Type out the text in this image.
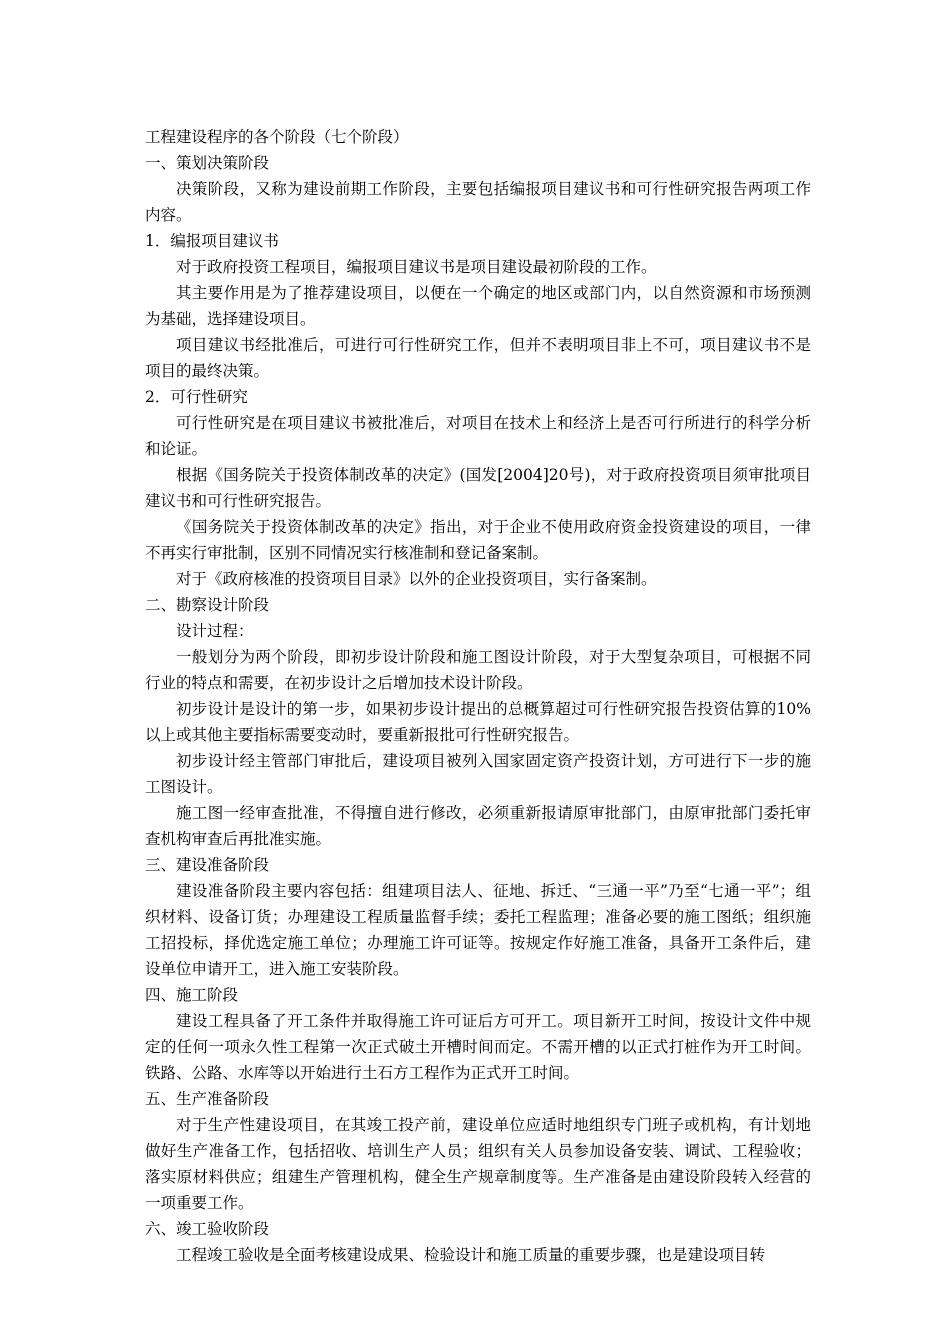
工程建设程序的各个阶段（七个阶段）
一、策划决策阶段

决策阶段，又称为建设前期工作阶段，主要包括编报项目建议书和可行性研究报告两项工作内容。

1．编报项目建议书

对于政府投资工程项目，编报项目建议书是项目建设最初阶段的工作。

其主要作用是为了推荐建设项目，以便在一个确定的地区或部门内，以自然资源和市场预测为基础，选择建设项目。

项目建议书经批准后，可进行可行性研究工作，但并不表明项目非上不可，项目建议书不是项目的最终决策。

2．可行性研究

可行性研究是在项目建议书被批准后，对项目在技术上和经济上是否可行所进行的科学分析和论证。

根据《国务院关于投资体制改革的决定》(国发[2004]20号)，对于政府投资项目须审批项目建议书和可行性研究报告。

《国务院关于投资体制改革的决定》指出，对于企业不使用政府资金投资建设的项目，一律不再实行审批制，区别不同情况实行核准制和登记备案制。

对于《政府核准的投资项目目录》以外的企业投资项目，实行备案制。

二、勘察设计阶段

设计过程：

一般划分为两个阶段，即初步设计阶段和施工图设计阶段，对于大型复杂项目，可根据不同行业的特点和需要，在初步设计之后增加技术设计阶段。

初步设计是设计的第一步，如果初步设计提出的总概算超过可行性研究报告投资估算的10%以上或其他主要指标需要变动时，要重新报批可行性研究报告。

初步设计经主管部门审批后，建设项目被列入国家固定资产投资计划，方可进行下一步的施工图设计。

施工图一经审查批准，不得擅自进行修改，必须重新报请原审批部门，由原审批部门委托审查机构审查后再批准实施。

三、建设准备阶段

建设准备阶段主要内容包括：组建项目法人、征地、拆迁、“三通一平”乃至“七通一平”；组织材料、设备订货；办理建设工程质量监督手续；委托工程监理；准备必要的施工图纸；组织施工招投标，择优选定施工单位；办理施工许可证等。按规定作好施工准备，具备开工条件后，建设单位申请开工，进入施工安装阶段。

四、施工阶段

建设工程具备了开工条件并取得施工许可证后方可开工。项目新开工时间，按设计文件中规定的任何一项永久性工程第一次正式破土开槽时间而定。不需开槽的以正式打桩作为开工时间。铁路、公路、水库等以开始进行土石方工程作为正式开工时间。

五、生产准备阶段

对于生产性建设项目，在其竣工投产前，建设单位应适时地组织专门班子或机构，有计划地做好生产准备工作，包括招收、培训生产人员；组织有关人员参加设备安装、调试、工程验收；落实原材料供应；组建生产管理机构，健全生产规章制度等。生产准备是由建设阶段转入经营的一项重要工作。

六、竣工验收阶段

工程竣工验收是全面考核建设成果、检验设计和施工质量的重要步骤，也是建设项目转
